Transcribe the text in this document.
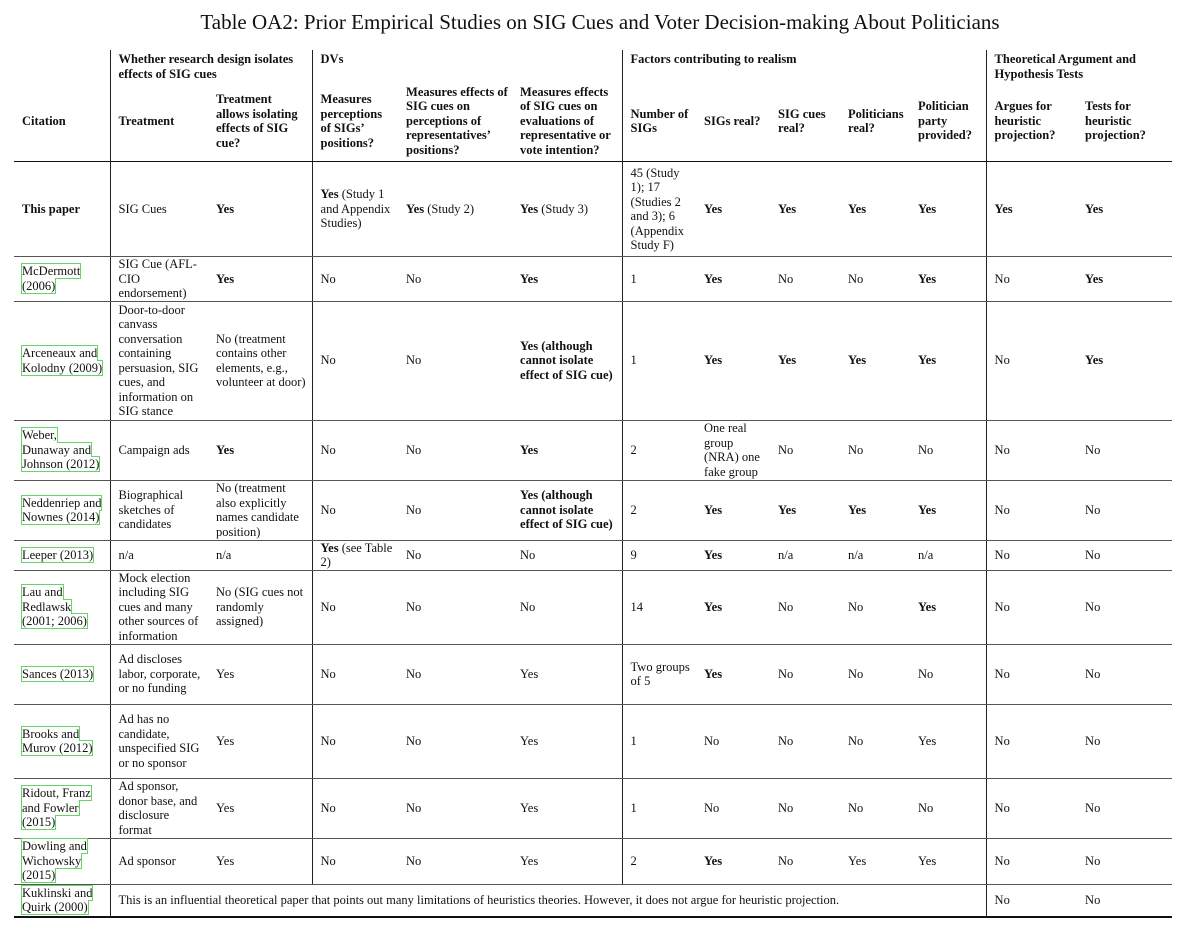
Table OA2: Prior Empirical Studies on SIG Cues and Voter Decision-making About Politicians
	Whether research design isolates effects of SIG cues		DVs			Factors contributing to realism					Theoretical Argument and Hypothesis Tests	
Citation	Treatment	Treatment allows isolating effects of SIG cue?	Measures perceptions of SIGs’ positions?	Measures effects of SIG cues on perceptions of representatives’ positions?	Measures effects of SIG cues on evaluations of representative or vote intention?	Number of SIGs	SIGs real?	SIG cues real?	Politicians real?	Politician party provided?	Argues for heuristic projection?	Tests for heuristic projection?
This paper	SIG Cues	Yes	Yes (Study 1 and Appendix Studies)	Yes (Study 2)	Yes (Study 3)	45 (Study 1); 17 (Studies 2 and 3); 6 (Appendix Study F)	Yes	Yes	Yes	Yes	Yes	Yes
McDermott (2006)	SIG Cue (AFL-CIO endorsement)	Yes	No	No	Yes	1	Yes	No	No	Yes	No	Yes
Arceneaux and Kolodny (2009)	Door-to-door canvass conversation containing persuasion, SIG cues, and information on SIG stance	No (treatment contains other elements, e.g., volunteer at door)	No	No	Yes (although cannot isolate effect of SIG cue)	1	Yes	Yes	Yes	Yes	No	Yes
Weber, Dunaway and Johnson (2012)	Campaign ads	Yes	No	No	Yes	2	One real group (NRA) one fake group	No	No	No	No	No
Neddenriep and Nownes (2014)	Biographical sketches of candidates	No (treatment also explicitly names candidate position)	No	No	Yes (although cannot isolate effect of SIG cue)	2	Yes	Yes	Yes	Yes	No	No
Leeper (2013)	n/a	n/a	Yes (see Table 2)	No	No	9	Yes	n/a	n/a	n/a	No	No
Lau and Redlawsk (2001; 2006)	Mock election including SIG cues and many other sources of information	No (SIG cues not randomly assigned)	No	No	No	14	Yes	No	No	Yes	No	No
Sances (2013)	Ad discloses labor, corporate, or no funding	Yes	No	No	Yes	Two groups of 5	Yes	No	No	No	No	No
Brooks and Murov (2012)	Ad has no candidate, unspecified SIG or no sponsor	Yes	No	No	Yes	1	No	No	No	Yes	No	No
Ridout, Franz and Fowler (2015)	Ad sponsor, donor base, and disclosure format	Yes	No	No	Yes	1	No	No	No	No	No	No
Dowling and Wichowsky (2015)	Ad sponsor	Yes	No	No	Yes	2	Yes	No	Yes	Yes	No	No
Kuklinski and Quirk (2000)	This is an influential theoretical paper that points out many limitations of heuristics theories. However, it does not argue for heuristic projection.										No	No
